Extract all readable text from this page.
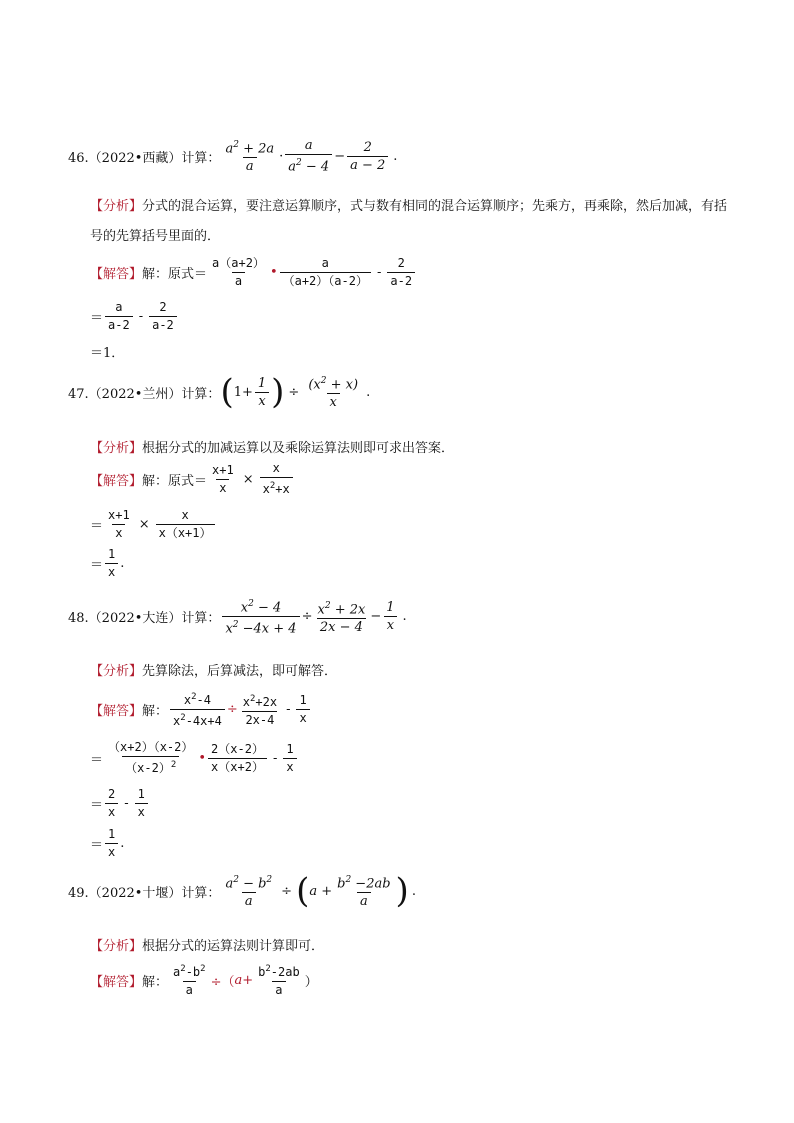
46.（2022•西藏）计算： $\frac{a^2 + 2a}{a} \cdot \frac{a}{a^2 - 4} - \frac{2}{a - 2}$ .
【分析】分式的混合运算，要注意运算顺序，式与数有相同的混合运算顺序；先乘方，再乘除，然后加减，有括号的先算括号里面的．
【解答】 解：原式＝ $\frac{a(a+2)}{a}$ • $\frac{a}{(a+2)(a-2)} - \frac{2}{a-2}$
＝ $\frac{a}{a-2} - \frac{2}{a-2}$
＝1．
47.（2022•兰州）计算： ( $1+ \frac{1}{x}$ ) ÷ $\frac{(x^2 + x)}{x}$ .
【分析】 根据分式的加减运算以及乘除运算法则即可求出答案．
【解答】 解：原式＝ $\frac{x+1}{x} \times \frac{x}{x^2+x}$
＝ $\frac{x+1}{x} \times \frac{x}{x(x+1)}$
＝ $\frac{1}{x}$ .
48.（2022•大连）计算： $\frac{x^2 - 4}{x^2 -4x + 4} \div \frac{x^2 + 2x}{2x - 4} - \frac{1}{x}$ .
【分析】 先算除法，后算减法，即可解答．
【解答】 解： $\frac{x^2-4}{x^2-4x+4} \div \frac{x^2+2x}{2x-4} - \frac{1}{x}$
＝ $\frac{(x+2)(x-2)}{(x-2)^2}$ • $\frac{2(x-2)}{x(x+2)} - \frac{1}{x}$
＝ $\frac{2}{x} - \frac{1}{x}$
＝ $\frac{1}{x}$ .
49.（2022•十堰）计算： $\frac{a^2 - b^2}{a}$ ÷ ( $a + \frac{b^2 -2ab}{a}$ ) .
【分析】 根据分式的运算法则计算即可．
【解答】 解： $\frac{a^2-b^2}{a}$ ÷（ $a + \frac{b^2-2ab}{a}$ ）
